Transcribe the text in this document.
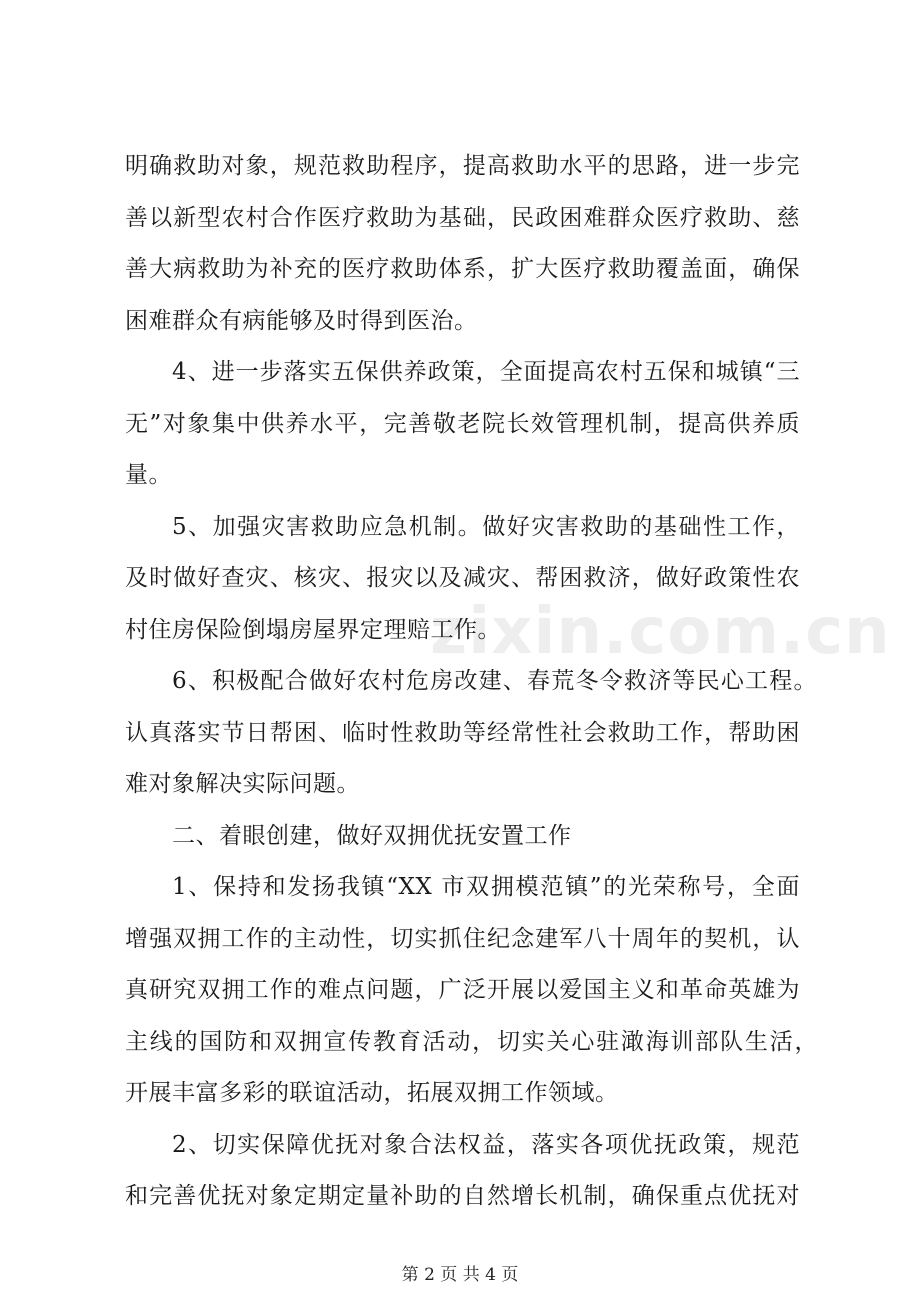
zixin.com.cn
明确救助对象，规范救助程序，提高救助水平的思路，进一步完
善以新型农村合作医疗救助为基础，民政困难群众医疗救助、慈
善大病救助为补充的医疗救助体系，扩大医疗救助覆盖面，确保
困难群众有病能够及时得到医治。
4、进一步落实五保供养政策，全面提高农村五保和城镇“三
无”对象集中供养水平，完善敬老院长效管理机制，提高供养质
量。
5、加强灾害救助应急机制。做好灾害救助的基础性工作，
及时做好查灾、核灾、报灾以及减灾、帮困救济，做好政策性农
村住房保险倒塌房屋界定理赔工作。
6、积极配合做好农村危房改建、春荒冬令救济等民心工程。
认真落实节日帮困、临时性救助等经常性社会救助工作，帮助困
难对象解决实际问题。
二、着眼创建，做好双拥优抚安置工作
1、保持和发扬我镇“XX 市双拥模范镇”的光荣称号，全面
增强双拥工作的主动性，切实抓住纪念建军八十周年的契机，认
真研究双拥工作的难点问题，广泛开展以爱国主义和革命英雄为
主线的国防和双拥宣传教育活动，切实关心驻澉海训部队生活，
开展丰富多彩的联谊活动，拓展双拥工作领域。
2、切实保障优抚对象合法权益，落实各项优抚政策，规范
第 2 页 共 4 页
和完善优抚对象定期定量补助的自然增长机制，确保重点优抚对
